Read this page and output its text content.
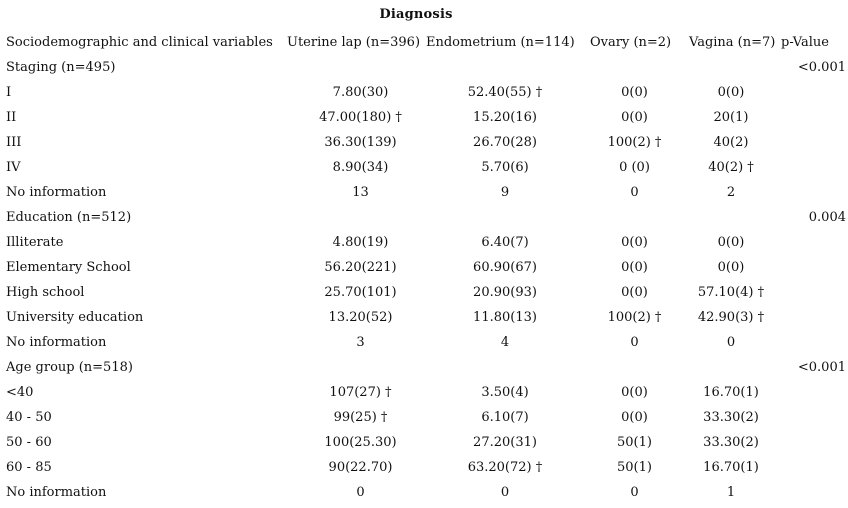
Diagnosis
Sociodemographic and clinical variables	Uterine lap (n=396)	Endometrium (n=114)	Ovary (n=2)	Vagina (n=7)	p-Value
Staging (n=495)					<0.001
I	7.80(30)	52.40(55) †	0(0)	0(0)	
II	47.00(180) †	15.20(16)	0(0)	20(1)	
III	36.30(139)	26.70(28)	100(2) †	40(2)	
IV	8.90(34)	5.70(6)	0 (0)	40(2) †	
No information	13	9	0	2	
Education (n=512)					0.004
Illiterate	4.80(19)	6.40(7)	0(0)	0(0)	
Elementary School	56.20(221)	60.90(67)	0(0)	0(0)	
High school	25.70(101)	20.90(93)	0(0)	57.10(4) †	
University education	13.20(52)	11.80(13)	100(2) †	42.90(3) †	
No information	3	4	0	0	
Age group (n=518)					<0.001
<40	107(27) †	3.50(4)	0(0)	16.70(1)	
40 - 50	99(25) †	6.10(7)	0(0)	33.30(2)	
50 - 60	100(25.30)	27.20(31)	50(1)	33.30(2)	
60 - 85	90(22.70)	63.20(72) †	50(1)	16.70(1)	
No information	0	0	0	1	
